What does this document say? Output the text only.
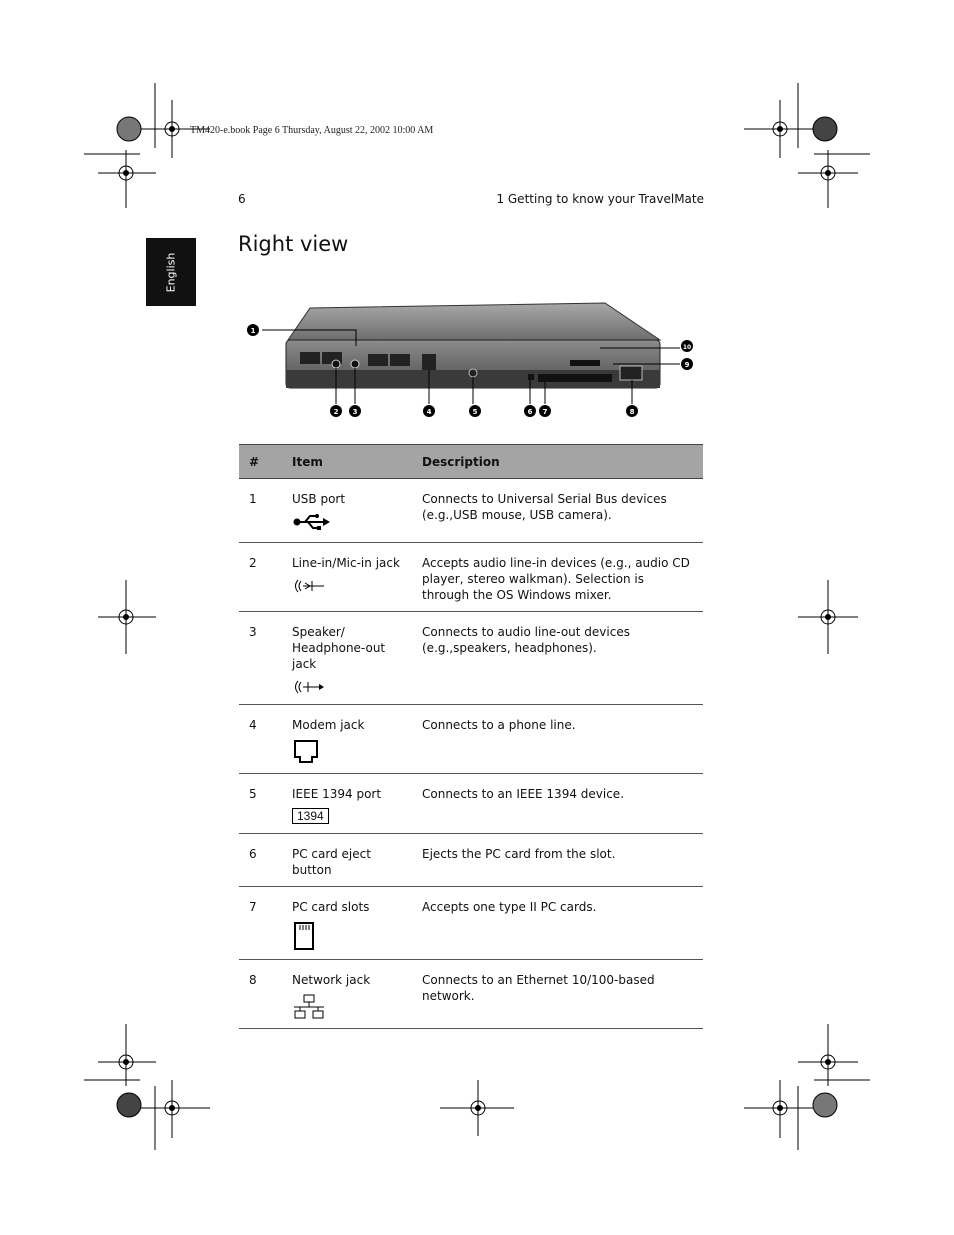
TM420-e.book Page 6 Thursday, August 22, 2002 10:00 AM
6	1 Getting to know your TravelMate
English
Right view
1
2 3	4	5	6 7	8
9
10
#	Item	Description
1	USB port	Connects to Universal Serial Bus devices (e.g.,USB mouse, USB camera).
2	Line-in/Mic-in jack	Accepts audio line-in devices (e.g., audio CD player, stereo walkman). Selection is through the OS Windows mixer.
3	Speaker/ Headphone-out jack	Connects to audio line-out devices (e.g.,speakers, headphones).
4	Modem jack	Connects to a phone line.
5	IEEE 1394 port 1394	Connects to an IEEE 1394 device.
6	PC card eject button	Ejects the PC card from the slot.
7	PC card slots	Accepts one type II PC cards.
8	Network jack	Connects to an Ethernet 10/100-based network.
